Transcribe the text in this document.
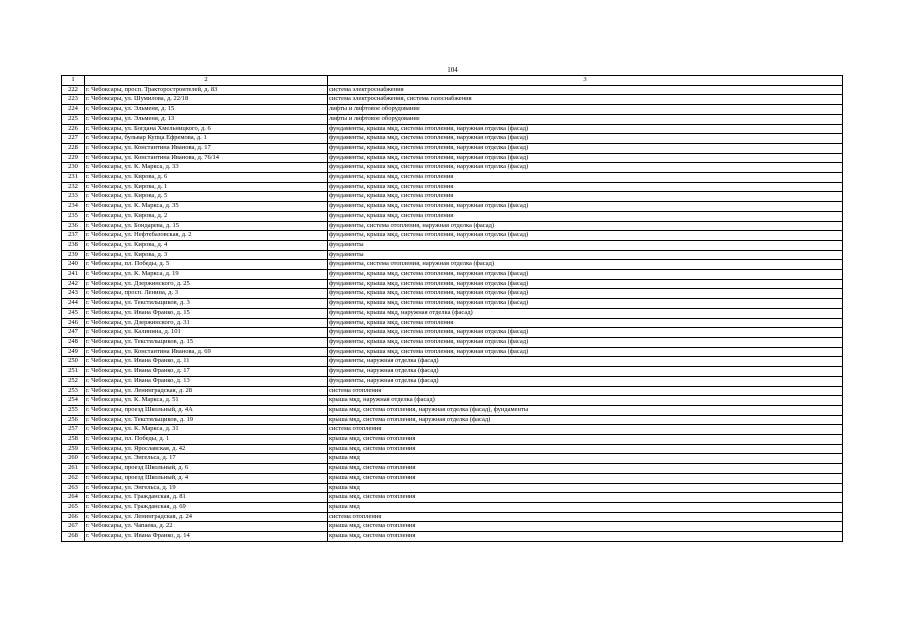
104
1	2	3
222	г. Чебоксары, просп. Тракторостроителей, д. 83	система электроснабжения
223	г. Чебоксары, ул. Шумилова, д. 22/18	система электроснабжения, система газоснабжения
224	г. Чебоксары, ул. Эльменя, д. 15	лифты и лифтовое оборудование
225	г. Чебоксары, ул. Эльменя, д. 13	лифты и лифтовое оборудование
226	г. Чебоксары, ул. Богдана Хмельницкого, д. 6	фундаменты, крыша мкд, система отопления, наружная отделка (фасад)
227	г. Чебоксары, бульвар Купца Ефремова, д. 1	фундаменты, крыша мкд, система отопления, наружная отделка (фасад)
228	г. Чебоксары, ул. Константина Иванова, д. 17	фундаменты, крыша мкд, система отопления, наружная отделка (фасад)
229	г. Чебоксары, ул. Константина Иванова, д. 76/14	фундаменты, крыша мкд, система отопления, наружная отделка (фасад)
230	г. Чебоксары, ул. К. Маркса, д. 33	фундаменты, крыша мкд, система отопления, наружная отделка (фасад)
231	г. Чебоксары, ул. Кирова, д. 6	фундаменты, крыша мкд, система отопления
232	г. Чебоксары, ул. Кирова, д. 1	фундаменты, крыша мкд, система отопления
233	г. Чебоксары, ул. Кирова, д. 5	фундаменты, крыша мкд, система отопления
234	г. Чебоксары, ул. К. Маркса, д. 35	фундаменты, крыша мкд, система отопления, наружная отделка (фасад)
235	г. Чебоксары, ул. Кирова, д. 2	фундаменты, крыша мкд, система отопления
236	г. Чебоксары, ул. Бондарева, д. 15	фундаменты, система отопления, наружная отделка (фасад)
237	г. Чебоксары, ул. Нефтебазовская, д. 2	фундаменты, крыша мкд, система отопления, наружная отделка (фасад)
238	г. Чебоксары, ул. Кирова, д. 4	фундаменты
239	г. Чебоксары, ул. Кирова, д. 3	фундаменты
240	г. Чебоксары, пл. Победы, д. 5	фундаменты, система отопления, наружная отделка (фасад)
241	г. Чебоксары, ул. К. Маркса, д. 19	фундаменты, крыша мкд, система отопления, наружная отделка (фасад)
242	г. Чебоксары, ул. Дзержинского, д. 25	фундаменты, крыша мкд, система отопления, наружная отделка (фасад)
243	г. Чебоксары, просп. Ленина, д. 3	фундаменты, крыша мкд, система отопления, наружная отделка (фасад)
244	г. Чебоксары, ул. Текстильщиков, д. 3	фундаменты, крыша мкд, система отопления, наружная отделка (фасад)
245	г. Чебоксары, ул. Ивана Франко, д. 15	фундаменты, крыша мкд, наружная отделка (фасад)
246	г. Чебоксары, ул. Дзержинского, д. 31	фундаменты, крыша мкд, система отопления
247	г. Чебоксары, ул. Калинина, д. 101	фундаменты, крыша мкд, система отопления, наружная отделка (фасад)
248	г. Чебоксары, ул. Текстильщиков, д. 15	фундаменты, крыша мкд, система отопления, наружная отделка (фасад)
249	г. Чебоксары, ул. Константина Иванова, д. 69	фундаменты, крыша мкд, система отопления, наружная отделка (фасад)
250	г. Чебоксары, ул. Ивана Франко, д. 11	фундаменты, наружная отделка (фасад)
251	г. Чебоксары, ул. Ивана Франко, д. 17	фундаменты, наружная отделка (фасад)
252	г. Чебоксары, ул. Ивана Франко, д. 13	фундаменты, наружная отделка (фасад)
253	г. Чебоксары, ул. Ленинградская, д. 28	система отопления
254	г. Чебоксары, ул. К. Маркса, д. 51	крыша мкд, наружная отделка (фасад)
255	г. Чебоксары, проезд Школьный, д. 4А	крыша мкд, система отопления, наружная отделка (фасад), фундаменты
256	г. Чебоксары, ул. Текстильщиков, д. 19	крыша мкд, система отопления, наружная отделка (фасад)
257	г. Чебоксары, ул. К. Маркса, д. 31	система отопления
258	г. Чебоксары, пл. Победы, д. 1	крыша мкд, система отопления
259	г. Чебоксары, ул. Ярославская, д. 42	крыша мкд, система отопления
260	г. Чебоксары, ул. Энгельса, д. 17	крыша мкд
261	г. Чебоксары, проезд Школьный, д. 6	крыша мкд, система отопления
262	г. Чебоксары, проезд Школьный, д. 4	крыша мкд, система отопления
263	г. Чебоксары, ул. Энгельса, д. 19	крыша мкд
264	г. Чебоксары, ул. Гражданская, д. 81	крыша мкд, система отопления
265	г. Чебоксары, ул. Гражданская, д. 69	крыша мкд
266	г. Чебоксары, ул. Ленинградская, д. 24	система отопления
267	г. Чебоксары, ул. Чапаева, д. 22	крыша мкд, система отопления
268	г. Чебоксары, ул. Ивана Франко, д. 14	крыша мкд, система отопления
